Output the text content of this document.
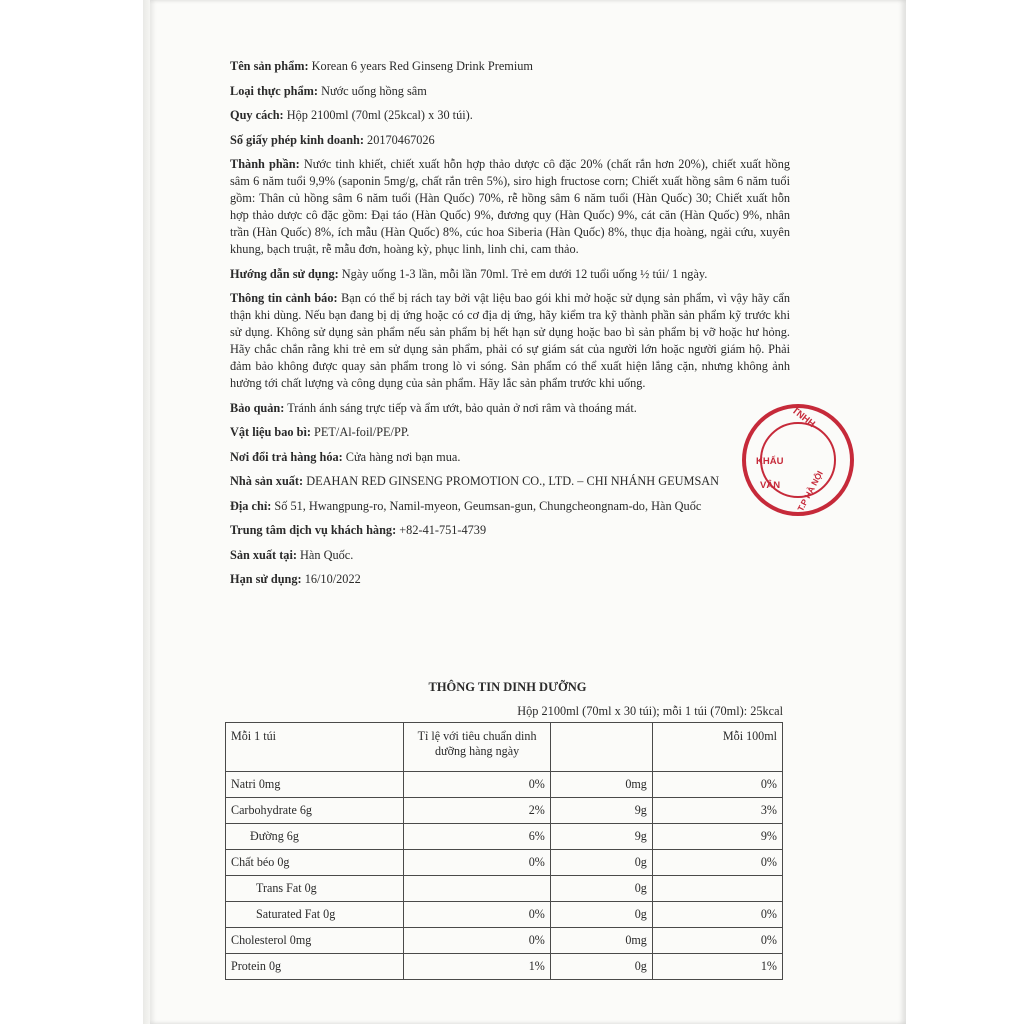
Tên sản phẩm: Korean 6 years Red Ginseng Drink Premium

Loại thực phẩm: Nước uống hồng sâm

Quy cách: Hộp 2100ml (70ml (25kcal) x 30 túi).

Số giấy phép kinh doanh: 20170467026

Thành phần: Nước tinh khiết, chiết xuất hỗn hợp thảo dược cô đặc 20% (chất rắn hơn 20%), chiết xuất hồng sâm 6 năm tuổi 9,9% (saponin 5mg/g, chất rắn trên 5%), siro high fructose corn; Chiết xuất hồng sâm 6 năm tuổi gồm: Thân củ hồng sâm 6 năm tuổi (Hàn Quốc) 70%, rễ hồng sâm 6 năm tuổi (Hàn Quốc) 30; Chiết xuất hỗn hợp thảo dược cô đặc gồm: Đại táo (Hàn Quốc) 9%, đương quy (Hàn Quốc) 9%, cát căn (Hàn Quốc) 9%, nhân trần (Hàn Quốc) 8%, ích mẫu (Hàn Quốc) 8%, cúc hoa Siberia (Hàn Quốc) 8%, thục địa hoàng, ngải cứu, xuyên khung, bạch truật, rễ mẫu đơn, hoàng kỳ, phục linh, linh chi, cam thảo.

Hướng dẫn sử dụng: Ngày uống 1-3 lần, mỗi lần 70ml. Trẻ em dưới 12 tuổi uống ½ túi/ 1 ngày.

Thông tin cảnh báo: Bạn có thể bị rách tay bởi vật liệu bao gói khi mở hoặc sử dụng sản phẩm, vì vậy hãy cẩn thận khi dùng. Nếu bạn đang bị dị ứng hoặc có cơ địa dị ứng, hãy kiểm tra kỹ thành phần sản phẩm kỹ trước khi sử dụng. Không sử dụng sản phẩm nếu sản phẩm bị hết hạn sử dụng hoặc bao bì sản phẩm bị vỡ hoặc hư hỏng. Hãy chắc chắn rằng khi trẻ em sử dụng sản phẩm, phải có sự giám sát của người lớn hoặc người giám hộ. Phải đảm bảo không được quay sản phẩm trong lò vi sóng. Sản phẩm có thể xuất hiện lắng cặn, nhưng không ảnh hưởng tới chất lượng và công dụng của sản phẩm. Hãy lắc sản phẩm trước khi uống.

Bảo quản: Tránh ánh sáng trực tiếp và ẩm ướt, bảo quản ở nơi râm và thoáng mát.

Vật liệu bao bì: PET/Al-foil/PE/PP.

Nơi đổi trả hàng hóa: Cửa hàng nơi bạn mua.

Nhà sản xuất: DEAHAN RED GINSENG PROMOTION CO., LTD. – CHI NHÁNH GEUMSAN

Địa chỉ: Số 51, Hwangpung-ro, Namil-myeon, Geumsan-gun, Chungcheongnam-do, Hàn Quốc

Trung tâm dịch vụ khách hàng: +82-41-751-4739

Sản xuất tại: Hàn Quốc.

Hạn sử dụng: 16/10/2022

TNHH
KHẨU
VÂN T.P HÀ NỘI
THÔNG TIN DINH DƯỠNG
Hộp 2100ml (70ml x 30 túi); mỗi 1 túi (70ml): 25kcal
Mỗi 1 túi	Tỉ lệ với tiêu chuẩn dinh dưỡng hàng ngày		Mỗi 100ml
Natri 0mg	0%	0mg	0%
Carbohydrate 6g	2%	9g	3%
Đường 6g	6%	9g	9%
Chất béo 0g	0%	0g	0%
Trans Fat 0g		0g	
Saturated Fat 0g	0%	0g	0%
Cholesterol 0mg	0%	0mg	0%
Protein 0g	1%	0g	1%
